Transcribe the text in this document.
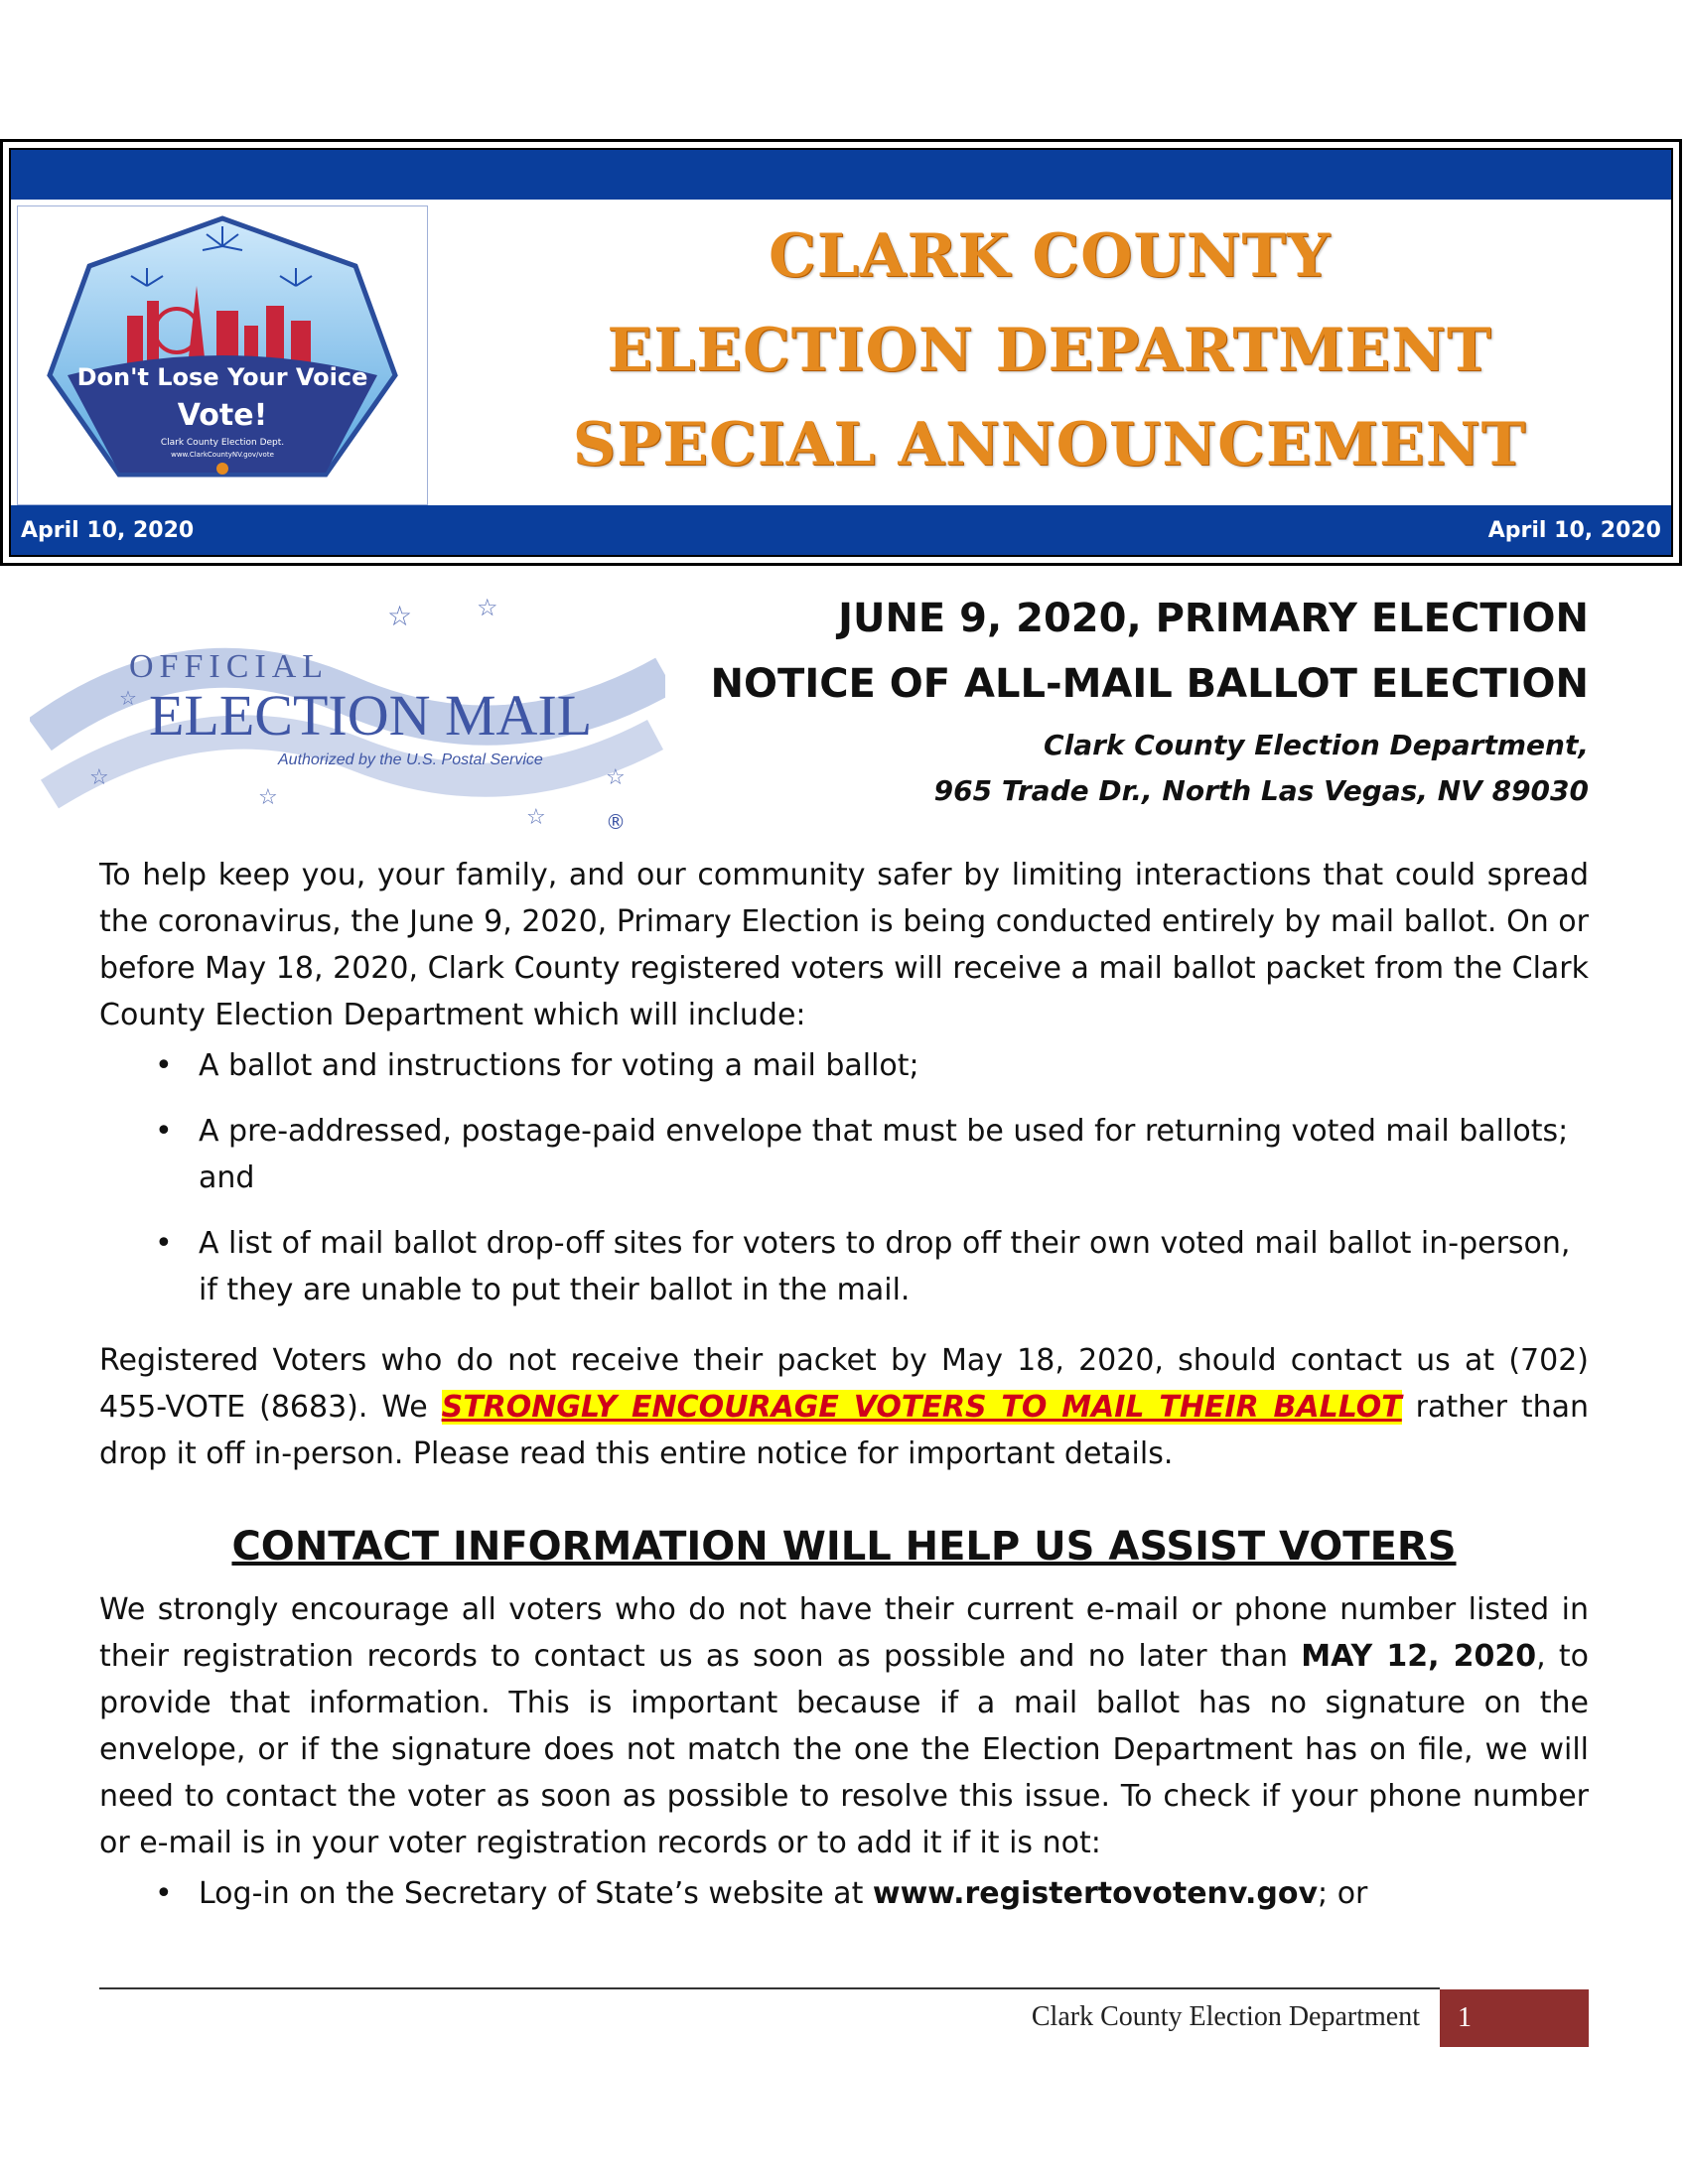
Don't Lose Your Voice
Vote!
Clark County Election Dept.
www.ClarkCountyNV.gov/vote
CLARK COUNTY
ELECTION DEPARTMENT
SPECIAL ANNOUNCEMENT
April 10, 2020	April 10, 2020
☆	☆
☆
☆
☆
☆
☆
OFFICIAL
ELECTION MAIL
Authorized by the U.S. Postal Service
®
JUNE 9, 2020, PRIMARY ELECTION
NOTICE OF ALL-MAIL BALLOT ELECTION
Clark County Election Department,
965 Trade Dr., North Las Vegas, NV 89030

To help keep you, your family, and our community safer by limiting interactions that could spread the coronavirus, the June 9, 2020, Primary Election is being conducted entirely by mail ballot. On or before May 18, 2020, Clark County registered voters will receive a mail ballot packet from the Clark County Election Department which will include:

• A ballot and instructions for voting a mail ballot;
• A pre-addressed, postage-paid envelope that must be used for returning voted mail ballots; and
• A list of mail ballot drop-off sites for voters to drop off their own voted mail ballot in-person, if they are unable to put their ballot in the mail.

Registered Voters who do not receive their packet by May 18, 2020, should contact us at (702) 455-VOTE (8683). We STRONGLY ENCOURAGE VOTERS TO MAIL THEIR BALLOT rather than drop it off in-person. Please read this entire notice for important details.

CONTACT INFORMATION WILL HELP US ASSIST VOTERS

We strongly encourage all voters who do not have their current e-mail or phone number listed in their registration records to contact us as soon as possible and no later than MAY 12, 2020, to provide that information. This is important because if a mail ballot has no signature on the envelope, or if the signature does not match the one the Election Department has on file, we will need to contact the voter as soon as possible to resolve this issue. To check if your phone number or e-mail is in your voter registration records or to add it if it is not:

• Log-in on the Secretary of State’s website at www.registertovotenv.gov; or
Clark County Election Department 1
